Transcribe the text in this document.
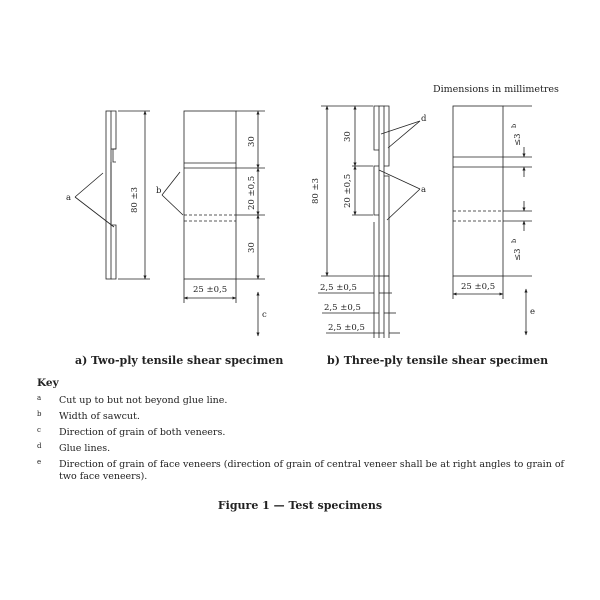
Dimensions in millimetres
a
b
c
80 ±3
30
20 ±0,5
30
25 ±0,5
d
a
80 ±3
30
20 ±0,5
≤3
b
≤3
b
25 ±0,5
2,5 ±0,5
2,5 ±0,5
2,5 ±0,5
e
a) Two-ply tensile shear specimen	b) Three-ply tensile shear specimen
Key
a Cut up to but not beyond glue line.
b Width of sawcut.
c Direction of grain of both veneers.
d Glue lines.
e Direction of grain of face veneers (direction of grain of central veneer shall be at right angles to grain of two face veneers).
Figure 1 — Test specimens
